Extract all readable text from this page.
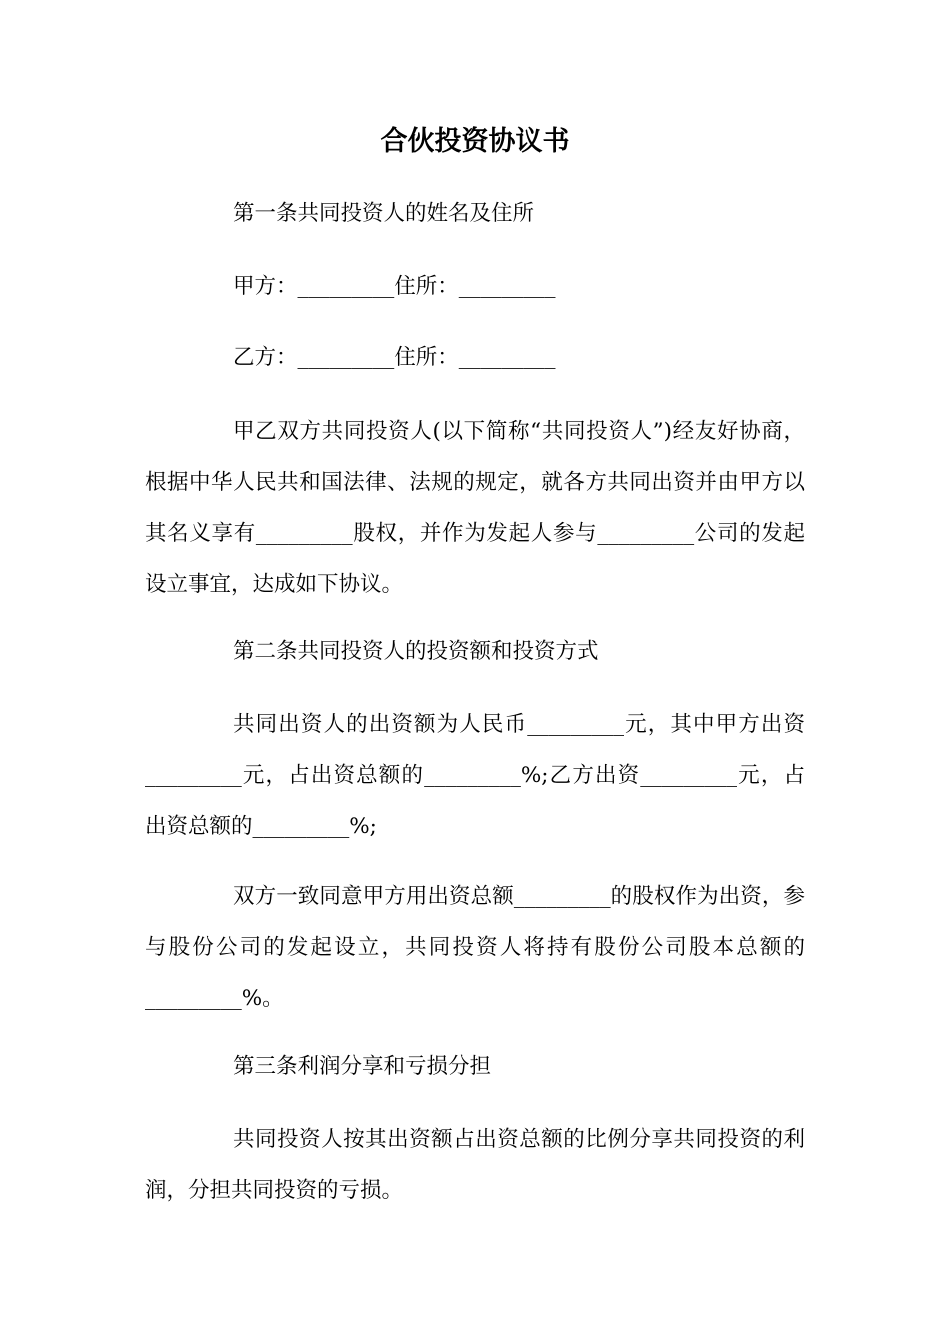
合伙投资协议书
第一条共同投资人的姓名及住所
甲方：_________住所：_________
乙方：_________住所：_________
甲乙双方共同投资人(以下简称“共同投资人”)经友好协商，根据中华人民共和国法律、法规的规定，就各方共同出资并由甲方以其名义享有_________股权，并作为发起人参与_________公司的发起设立事宜，达成如下协议。
第二条共同投资人的投资额和投资方式
共同出资人的出资额为人民币_________元，其中甲方出资_________元，占出资总额的_________%;乙方出资_________元，占出资总额的_________%;
双方一致同意甲方用出资总额_________的股权作为出资，参与股份公司的发起设立，共同投资人将持有股份公司股本总额的_________%。
第三条利润分享和亏损分担
共同投资人按其出资额占出资总额的比例分享共同投资的利润，分担共同投资的亏损。
